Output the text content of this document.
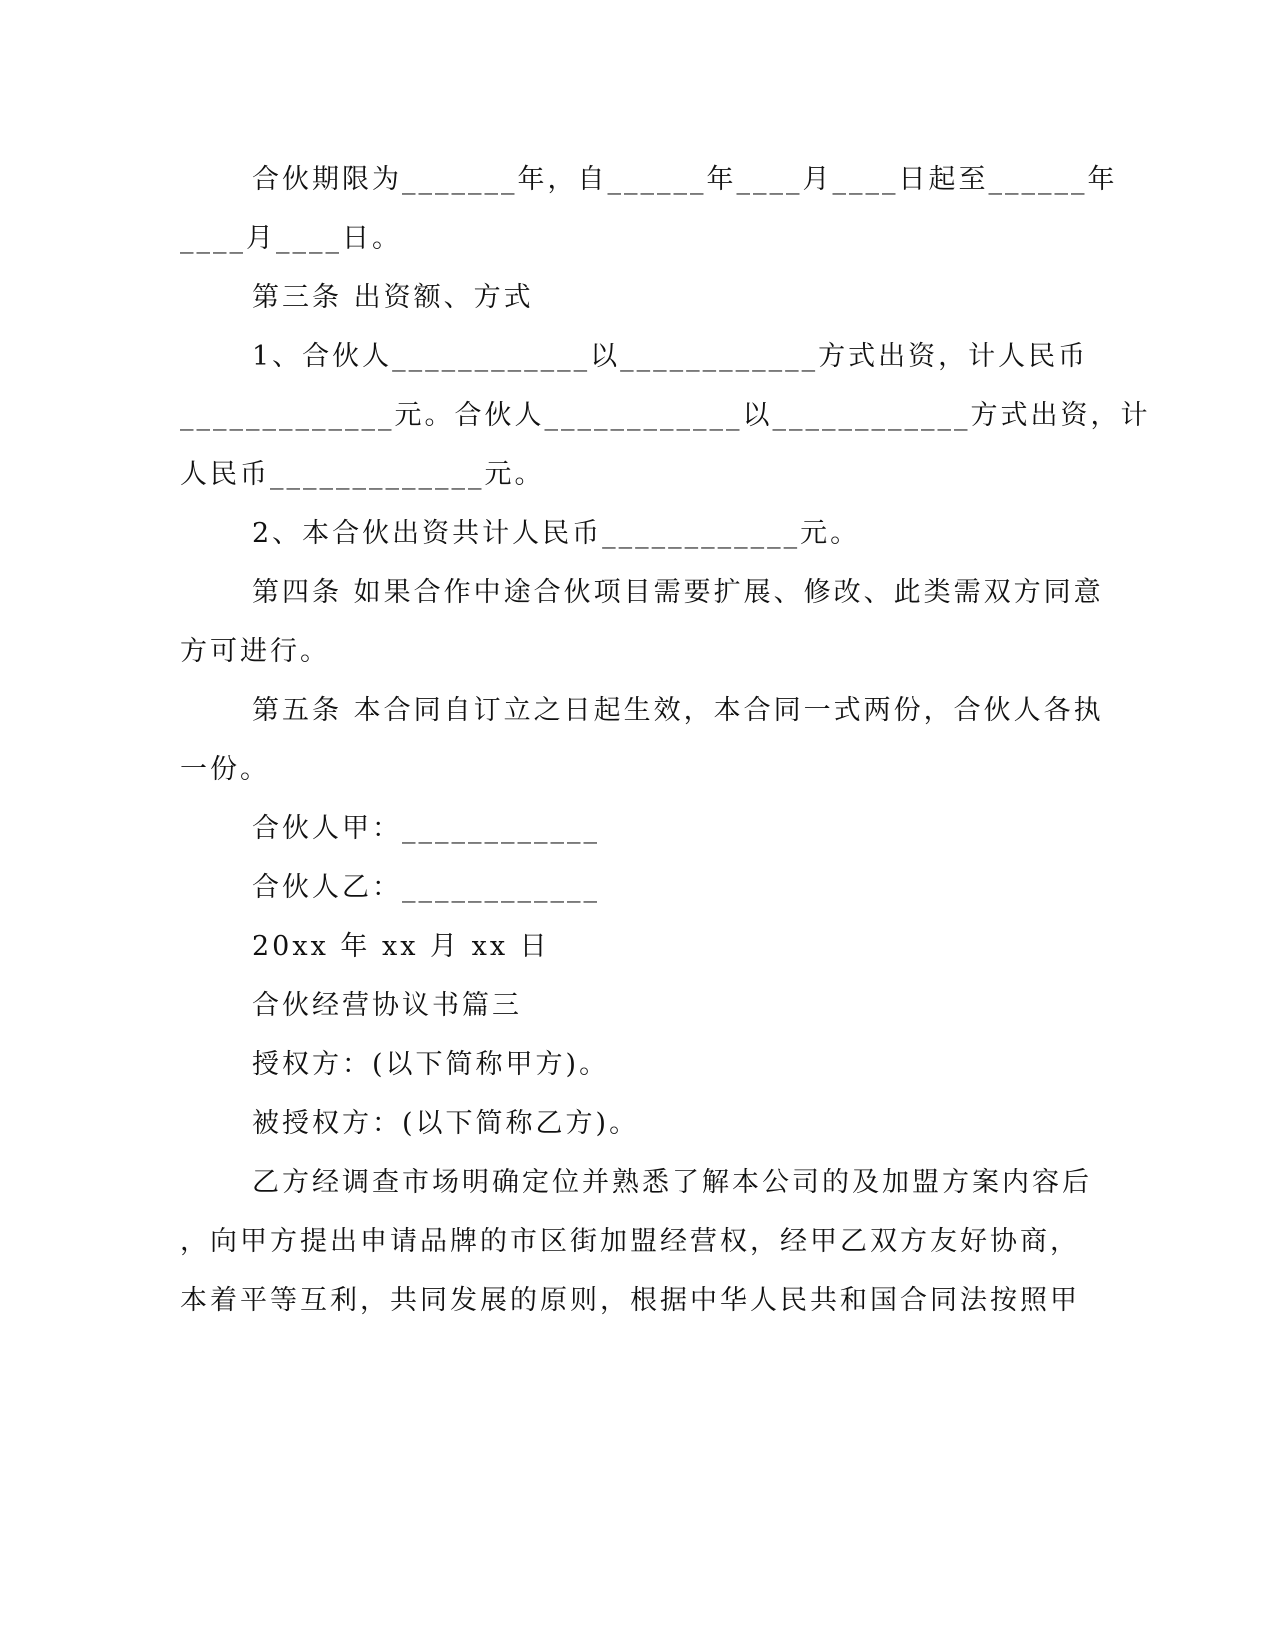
合伙期限为_______年，自______年____月____日起至______年
____月____日。
第三条 出资额、方式
1、合伙人____________以____________方式出资，计人民币
_____________元。合伙人____________以____________方式出资，计
人民币_____________元。
2、本合伙出资共计人民币____________元。
第四条 如果合作中途合伙项目需要扩展、修改、此类需双方同意
方可进行。
第五条 本合同自订立之日起生效，本合同一式两份，合伙人各执
一份。
合伙人甲：____________
合伙人乙：____________
20xx 年 xx 月 xx 日
合伙经营协议书篇三
授权方：(以下简称甲方)。
被授权方：(以下简称乙方)。
乙方经调查市场明确定位并熟悉了解本公司的及加盟方案内容后
，向甲方提出申请品牌的市区街加盟经营权，经甲乙双方友好协商，
本着平等互利，共同发展的原则，根据中华人民共和国合同法按照甲
